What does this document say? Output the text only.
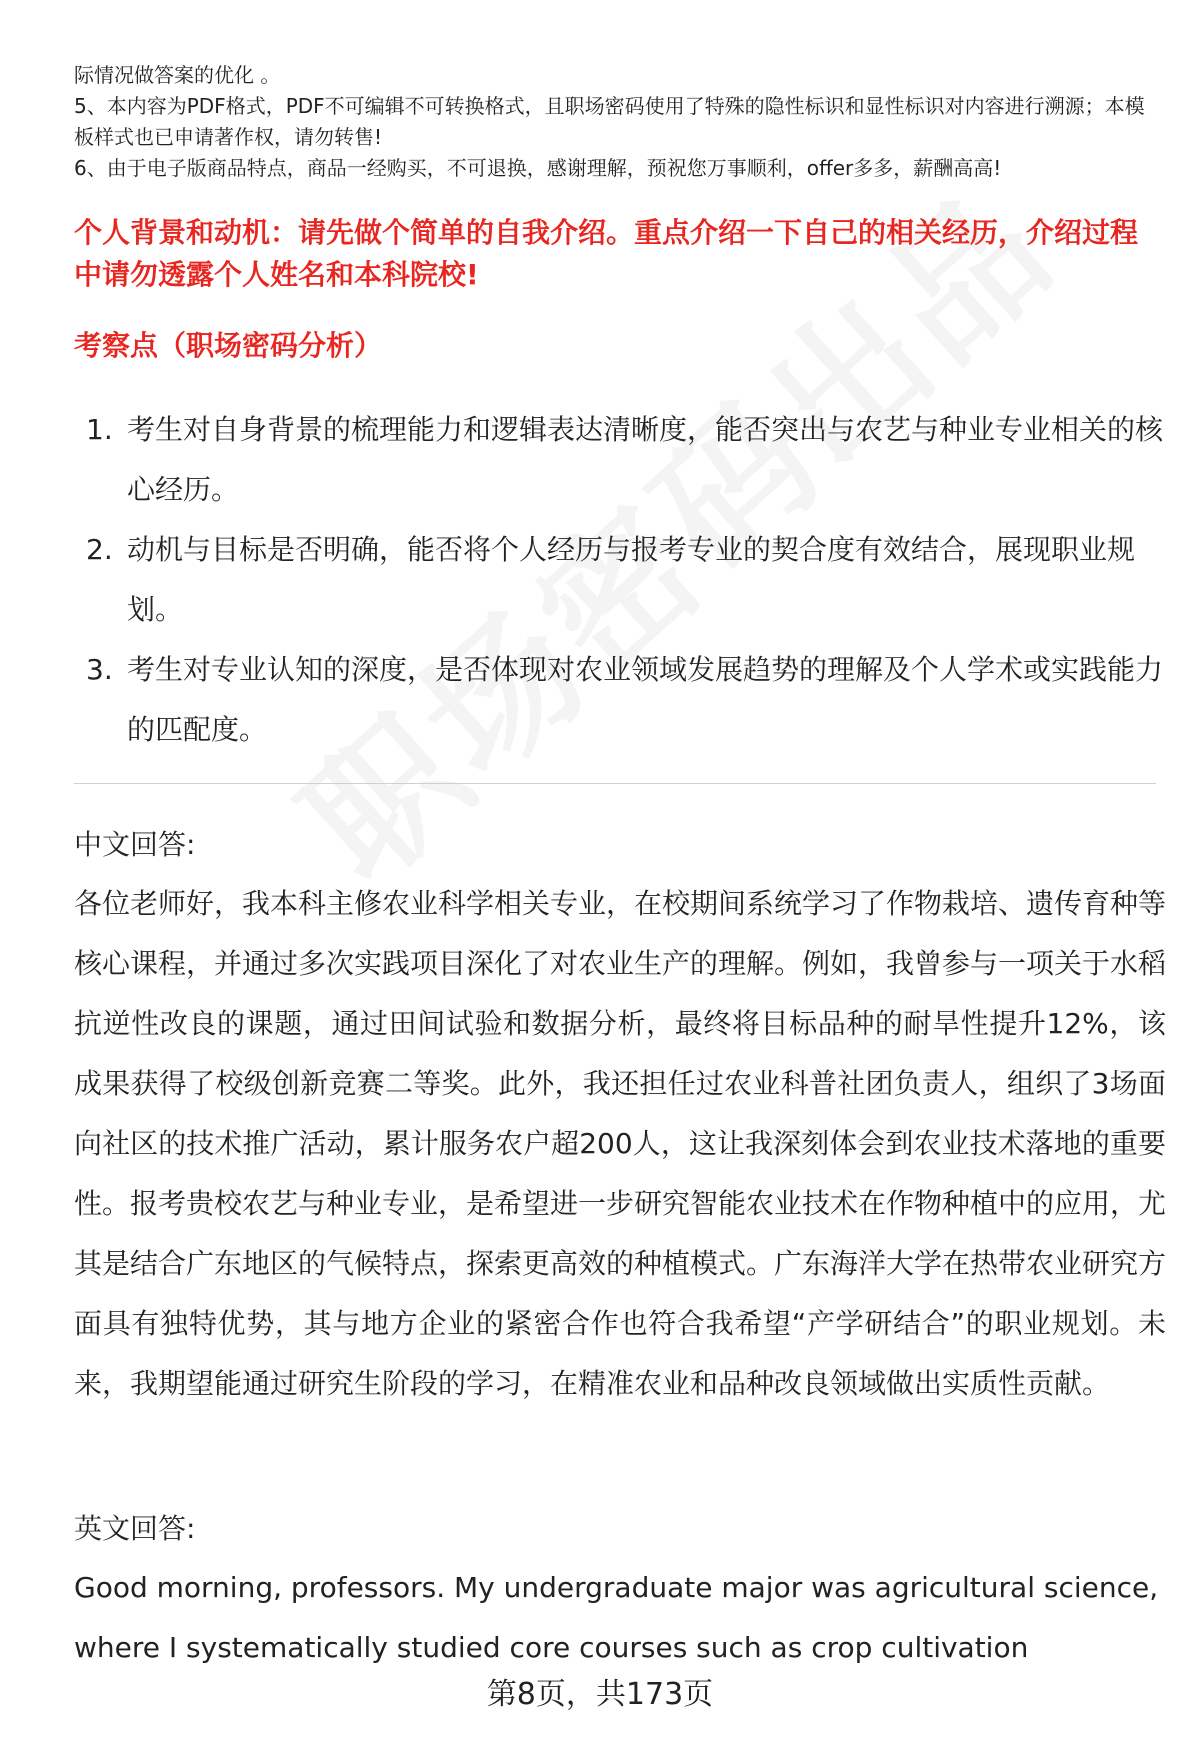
际情况做答案的优化 。

5、本内容为PDF格式，PDF不可编辑不可转换格式，且职场密码使用了特殊的隐性标识和显性标识对内容进行溯源；本模板样式也已申请著作权，请勿转售!

6、由于电子版商品特点，商品一经购买，不可退换，感谢理解，预祝您万事顺利，offer多多，薪酬高高!

个人背景和动机：请先做个简单的自我介绍。重点介绍一下自己的相关经历，介绍过程中请勿透露个人姓名和本科院校!
考察点（职场密码分析）
1. 考生对自身背景的梳理能力和逻辑表达清晰度，能否突出与农艺与种业专业相关的核心经历。
2. 动机与目标是否明确，能否将个人经历与报考专业的契合度有效结合，展现职业规划。
3. 考生对专业认知的深度，是否体现对农业领域发展趋势的理解及个人学术或实践能力的匹配度。

中文回答:

各位老师好，我本科主修农业科学相关专业，在校期间系统学习了作物栽培、遗传育种等核心课程，并通过多次实践项目深化了对农业生产的理解。例如，我曾参与一项关于水稻抗逆性改良的课题，通过田间试验和数据分析，最终将目标品种的耐旱性提升12%，该成果获得了校级创新竞赛二等奖。此外，我还担任过农业科普社团负责人，组织了3场面向社区的技术推广活动，累计服务农户超200人，这让我深刻体会到农业技术落地的重要性。报考贵校农艺与种业专业，是希望进一步研究智能农业技术在作物种植中的应用，尤其是结合广东地区的气候特点，探索更高效的种植模式。广东海洋大学在热带农业研究方面具有独特优势，其与地方企业的紧密合作也符合我希望“产学研结合”的职业规划。未来，我期望能通过研究生阶段的学习，在精准农业和品种改良领域做出实质性贡献。

英文回答:

Good morning, professors. My undergraduate major was agricultural science, where I systematically studied core courses such as crop cultivation

第8页，共173页
